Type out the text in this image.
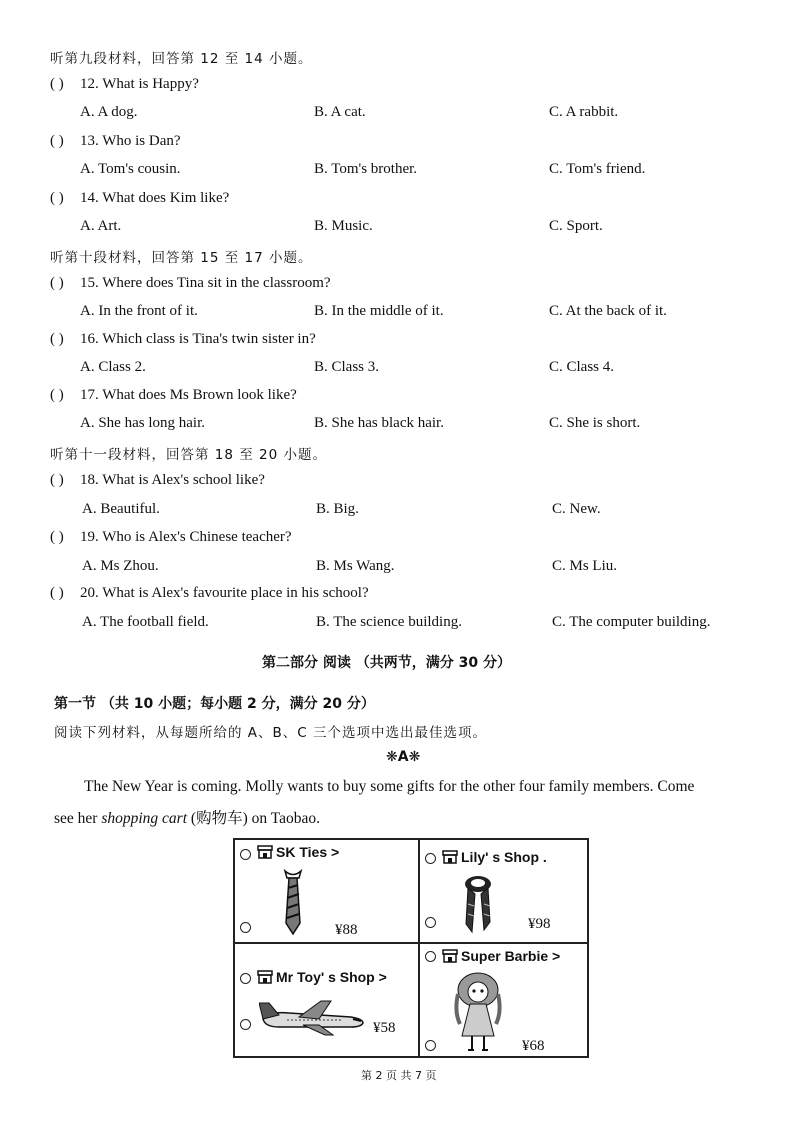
听第九段材料，回答第 12 至 14 小题。
( ) 12. What is Happy?
A. A dog.	B. A cat.	C. A rabbit.
( ) 13. Who is Dan?
A. Tom's cousin.	B. Tom's brother.	C. Tom's friend.
( ) 14. What does Kim like?
A. Art.	B. Music.	C. Sport.
( ) 15. Where does Tina sit in the classroom?
A. In the front of it.	B. In the middle of it.	C. At the back of it.
( ) 16. Which class is Tina's twin sister in?
A. Class 2.	B. Class 3.	C. Class 4.
( ) 17. What does Ms Brown look like?
A. She has long hair.	B. She has black hair.	C. She is short.
( ) 18. What is Alex's school like?
A. Beautiful.	B. Big.	C. New.
( ) 19. Who is Alex's Chinese teacher?
A. Ms Zhou.	B. Ms Wang.	C. Ms Liu.
( ) 20. What is Alex's favourite place in his school?
A. The football field.	B. The science building.	C. The computer building.
听第十段材料，回答第 15 至 17 小题。
听第十一段材料，回答第 18 至 20 小题。
第二部分 阅读 （共两节，满分 30 分）
第一节 （共 10 小题；每小题 2 分，满分 20 分）
阅读下列材料，从每题所给的 A、B、C 三个选项中选出最佳选项。
❋A❋
The New Year is coming. Molly wants to buy some gifts for the other four family members. Come
see her shopping cart (购物车) on Taobao.
SK Ties >
¥88
Lily' s Shop .
¥98
Mr Toy' s Shop >
¥58
Super Barbie >
¥68
第 2 页 共 7 页
